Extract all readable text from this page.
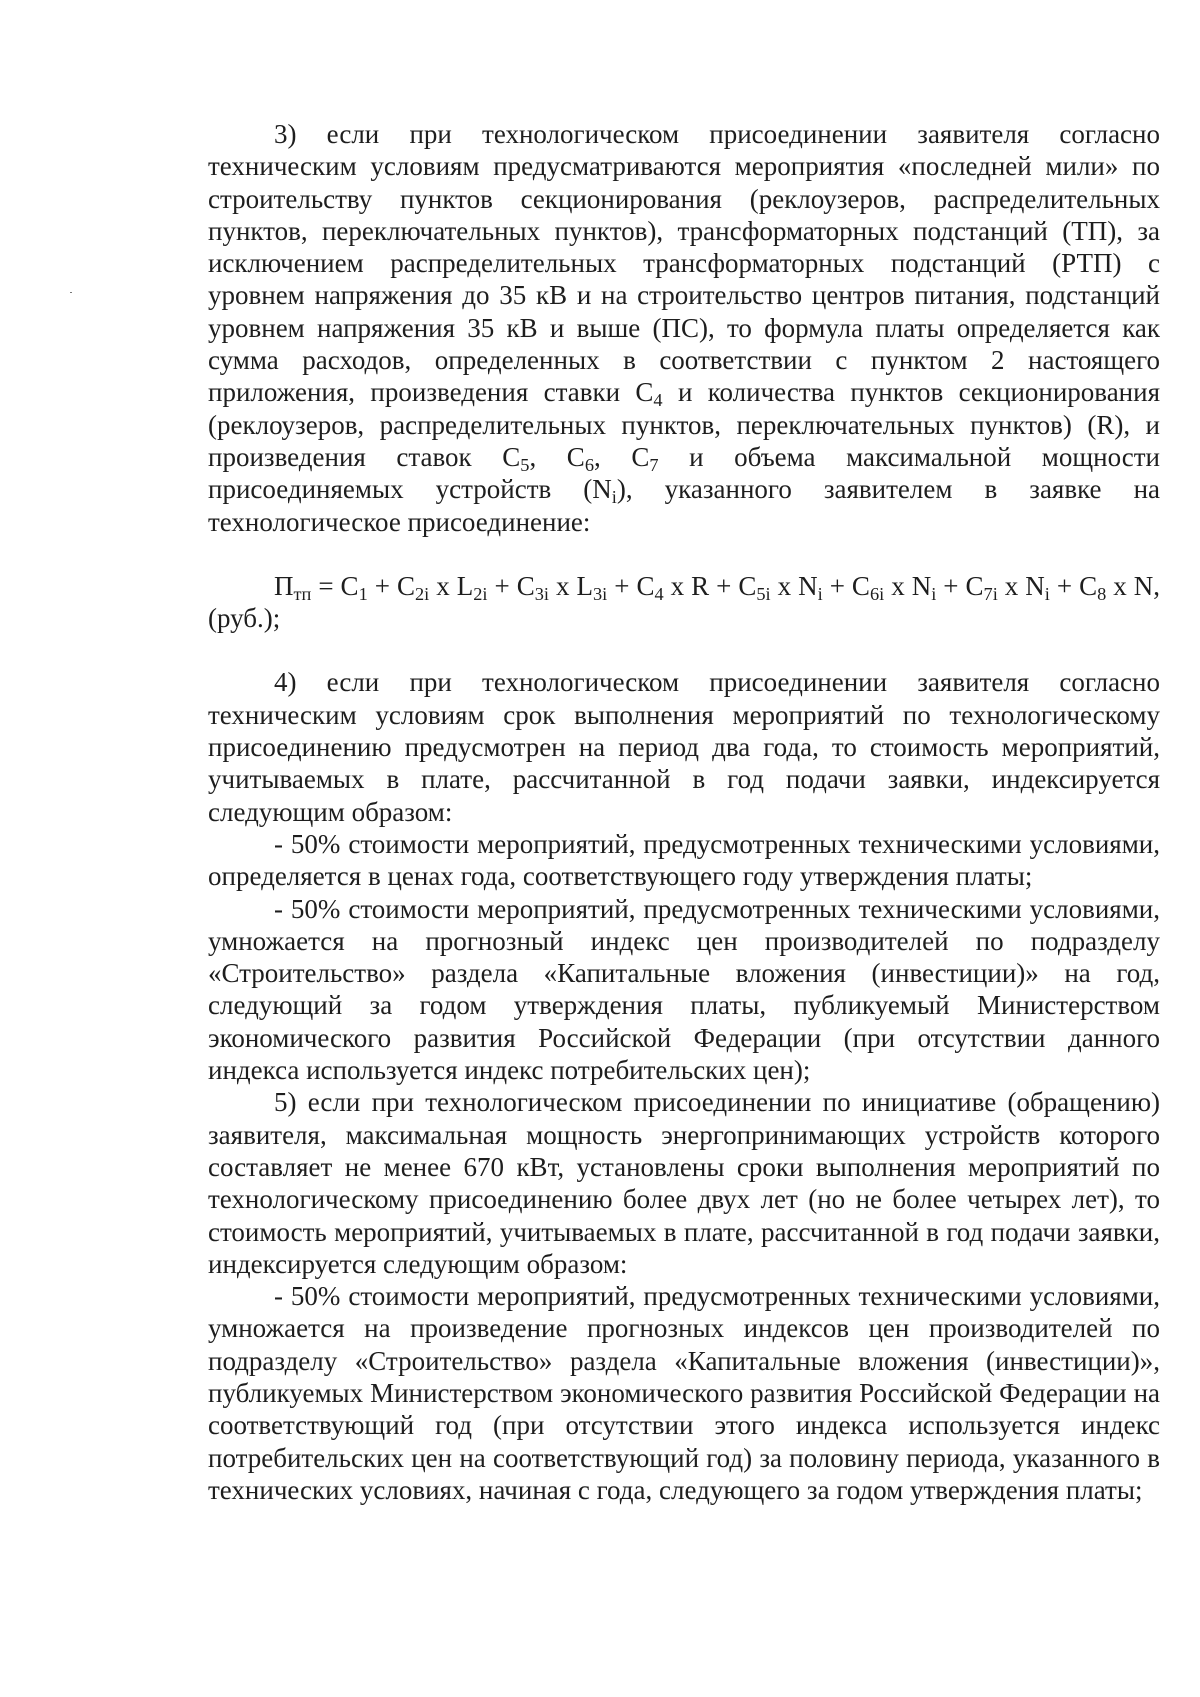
3) если при технологическом присоединении заявителя согласно техническим условиям предусматриваются мероприятия «последней мили» по строительству пунктов секционирования (реклоузеров, распределительных пунктов, переключательных пунктов), трансформаторных подстанций (ТП), за исключением распределительных трансформаторных подстанций (РТП) с уровнем напряжения до 35 кВ и на строительство центров питания, подстанций уровнем напряжения 35 кВ и выше (ПС), то формула платы определяется как сумма расходов, определенных в соответствии с пунктом 2 настоящего приложения, произведения ставки $С_4$ и количества пунктов секционирования (реклоузеров, распределительных пунктов, переключательных пунктов) (R), и произведения ставок $С_5$, $С_6$, $С_7$ и объема максимальной мощности присоединяемых устройств $(N_i)$, указанного заявителем в заявке на технологическое присоединение:

$П_{тп} = С_1 + С_{2i}$ x $L_{2i} + С_{3i}$ x $L_{3i} + С_4$ x $R + С_{5i}$ x $N_i + С_{6i}$ x $N_i + С_{7i}$ x $N_i + С_8$ x N, (руб.);

4) если при технологическом присоединении заявителя согласно техническим условиям срок выполнения мероприятий по технологическому присоединению предусмотрен на период два года, то стоимость мероприятий, учитываемых в плате, рассчитанной в год подачи заявки, индексируется следующим образом:

- 50% стоимости мероприятий, предусмотренных техническими условиями, определяется в ценах года, соответствующего году утверждения платы;

- 50% стоимости мероприятий, предусмотренных техническими условиями, умножается на прогнозный индекс цен производителей по подразделу «Строительство» раздела «Капитальные вложения (инвестиции)» на год, следующий за годом утверждения платы, публикуемый Министерством экономического развития Российской Федерации (при отсутствии данного индекса используется индекс потребительских цен);

5) если при технологическом присоединении по инициативе (обращению) заявителя, максимальная мощность энергопринимающих устройств которого составляет не менее 670 кВт, установлены сроки выполнения мероприятий по технологическому присоединению более двух лет (но не более четырех лет), то стоимость мероприятий, учитываемых в плате, рассчитанной в год подачи заявки, индексируется следующим образом:

- 50% стоимости мероприятий, предусмотренных техническими условиями, умножается на произведение прогнозных индексов цен производителей по подразделу «Строительство» раздела «Капитальные вложения (инвестиции)», публикуемых Министерством экономического развития Российской Федерации на соответствующий год (при отсутствии этого индекса используется индекс потребительских цен на соответствующий год) за половину периода, указанного в технических условиях, начиная с года, следующего за годом утверждения платы;
